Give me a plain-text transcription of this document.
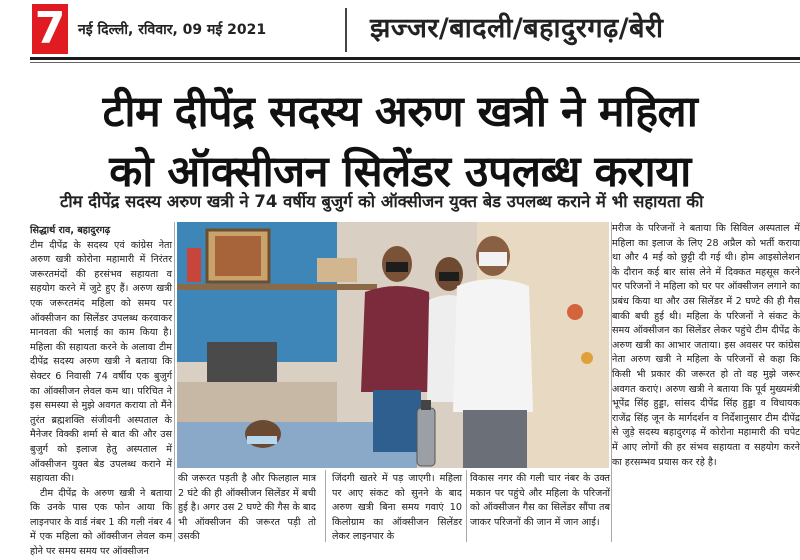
7 नई दिल्ली, रविवार, 09 मई 2021	झज्जर/बादली/बहादुरगढ़/बेरी
टीम दीपेंद्र सदस्य अरुण खत्री ने महिला
को ऑक्सीजन सिलेंडर उपलब्ध कराया
टीम दीपेंद्र सदस्य अरुण खत्री ने 74 वर्षीय बुजुर्ग को ऑक्सीजन युक्त बेड उपलब्ध कराने में भी सहायता की
सिद्धार्थ राव, बहादुरगढ़
टीम दीपेंद्र के सदस्य एवं कांग्रेस नेता अरुण खत्री कोरोना महामारी में निरंतर जरूरतमंदों की हरसंभव सहायता व सहयोग करने में जुटे हुए हैं। अरुण खत्री एक जरूरतमंद महिला को समय पर ऑक्सीजन का सिलेंडर उपलब्ध करवाकर मानवता की भलाई का काम किया है। महिला की सहायता करने के अलावा टीम दीपेंद्र सदस्य अरुण खत्री ने बताया कि सेक्टर 6 निवासी 74 वर्षीय एक बुजुर्ग का ऑक्सीजन लेवल कम था। परिचित ने इस समस्या से मुझे अवगत कराया तो मैंने तुरंत ब्रह्मशक्ति संजीवनी अस्पताल के मैनेजर विक्की शर्मा से बात की और उस बुजुर्ग को इलाज हेतु अस्पताल में ऑक्सीजन युक्त बेड उपलब्ध कराने में सहायता की।
टीम दीपेंद्र के अरुण खत्री ने बताया कि उनके पास एक फोन आया कि लाइनपार के वार्ड नंबर 1 की गली नंबर 4 में एक महिला को ऑक्सीजन लेवल कम होने पर समय समय पर ऑक्सीजन
की जरूरत पड़ती है और फिलहाल मात्र 2 घंटे की ही ऑक्सीजन सिलेंडर में बची हुई है। अगर उस 2 घण्टे की गैस के बाद भी ऑक्सीजन की जरूरत पड़ी तो उसकी
जिंदगी खतरे में पड़ जाएगी। महिला पर आए संकट को सुनने के बाद अरुण खत्री बिना समय गवाएं 10 किलोग्राम का ऑक्सीजन सिलेंडर लेकर लाइनपार के
विकास नगर की गली चार नंबर के उक्त मकान पर पहुंचे और महिला के परिजनों को ऑक्सीजन गैस का सिलेंडर सौंपा तब जाकर परिजनों की जान में जान आई।
मरीज के परिजनों ने बताया कि सिविल अस्पताल में महिला का इलाज के लिए 28 अप्रैल को भर्ती कराया था और 4 मई को छुट्टी दी गई थी। होम आइसोलेशन के दौरान कई बार सांस लेने में दिक्कत महसूस करने पर परिजनों ने महिला को घर पर ऑक्सीजन लगाने का प्रबंध किया था और उस सिलेंडर में 2 घण्टे की ही गैस बाकी बची हुई थी। महिला के परिजनों ने संकट के समय ऑक्सीजन का सिलेंडर लेकर पहुंचे टीम दीपेंद्र के अरुण खत्री का आभार जताया। इस अवसर पर कांग्रेस नेता अरुण खत्री ने महिला के परिजनों से कहा कि किसी भी प्रकार की जरूरत हो तो वह मुझे जरूर अवगत कराएं। अरुण खत्री ने बताया कि पूर्व मुख्यमंत्री भूपेंद्र सिंह हुड्डा, सांसद दीपेंद्र सिंह हुड्डा व विधायक राजेंद्र सिंह जून के मार्गदर्शन व निर्देशानुसार टीम दीपेंद्र से जुड़े सदस्य बहादुरगढ़ में कोरोना महामारी की चपेट में आए लोगों की हर संभव सहायता व सहयोग करने का हरसम्भव प्रयास कर रहे है।
